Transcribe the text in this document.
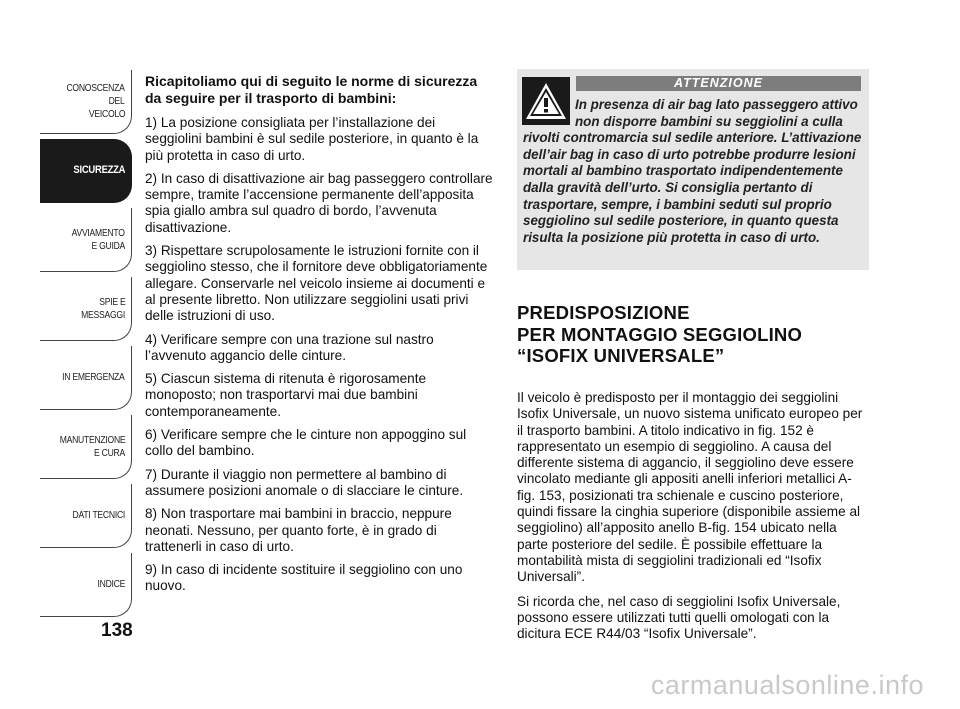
CONOSCENZA
DEL
VEICOLO
SICUREZZA
AVVIAMENTO
E GUIDA
SPIE E
MESSAGGI
IN EMERGENZA
MANUTENZIONE
E CURA
DATI TECNICI
INDICE
138

Ricapitoliamo qui di seguito le norme di sicurezza da seguire per il trasporto di bambini:

1) La posizione consigliata per l’installazione dei seggiolini bambini è sul sedile posteriore, in quanto è la più protetta in caso di urto.

2) In caso di disattivazione air bag passeggero controllare sempre, tramite l’accensione permanente dell’apposita spia giallo ambra sul quadro di bordo, l’avvenuta disattivazione.

3) Rispettare scrupolosamente le istruzioni fornite con il seggiolino stesso, che il fornitore deve obbligatoriamente allegare. Conservarle nel veicolo insieme ai documenti e al presente libretto. Non utilizzare seggiolini usati privi delle istruzioni di uso.

4) Verificare sempre con una trazione sul nastro l’avvenuto aggancio delle cinture.

5) Ciascun sistema di ritenuta è rigorosamente monoposto; non trasportarvi mai due bambini contemporaneamente.

6) Verificare sempre che le cinture non appoggino sul collo del bambino.

7) Durante il viaggio non permettere al bambino di assumere posizioni anomale o di slacciare le cinture.

8) Non trasportare mai bambini in braccio, neppure neonati. Nessuno, per quanto forte, è in grado di trattenerli in caso di urto.

9) In caso di incidente sostituire il seggiolino con uno nuovo.

ATTENZIONE
In presenza di air bag lato passeggero attivo non disporre bambini su seggiolini a culla rivolti contromarcia sul sedile anteriore. L’attivazione dell’air bag in caso di urto potrebbe produrre lesioni mortali al bambino trasportato indipendentemente dalla gravità dell’urto. Si consiglia pertanto di trasportare, sempre, i bambini seduti sul proprio seggiolino sul sedile posteriore, in quanto questa risulta la posizione più protetta in caso di urto.
PREDISPOSIZIONE
PER MONTAGGIO SEGGIOLINO
“ISOFIX UNIVERSALE”

Il veicolo è predisposto per il montaggio dei seggiolini Isofix Universale, un nuovo sistema unificato europeo per il trasporto bambini. A titolo indicativo in fig. 152 è rappresentato un esempio di seggiolino. A causa del differente sistema di aggancio, il seggiolino deve essere vincolato mediante gli appositi anelli inferiori metallici A-fig. 153, posizionati tra schienale e cuscino posteriore, quindi fissare la cinghia superiore (disponibile assieme al seggiolino) all’apposito anello B-fig. 154 ubicato nella parte posteriore del sedile. È possibile effettuare la montabilità mista di seggiolini tradizionali ed “Isofix Universali”.

Si ricorda che, nel caso di seggiolini Isofix Universale, possono essere utilizzati tutti quelli omologati con la dicitura ECE R44/03 “Isofix Universale”.

carmanualsonline.info
